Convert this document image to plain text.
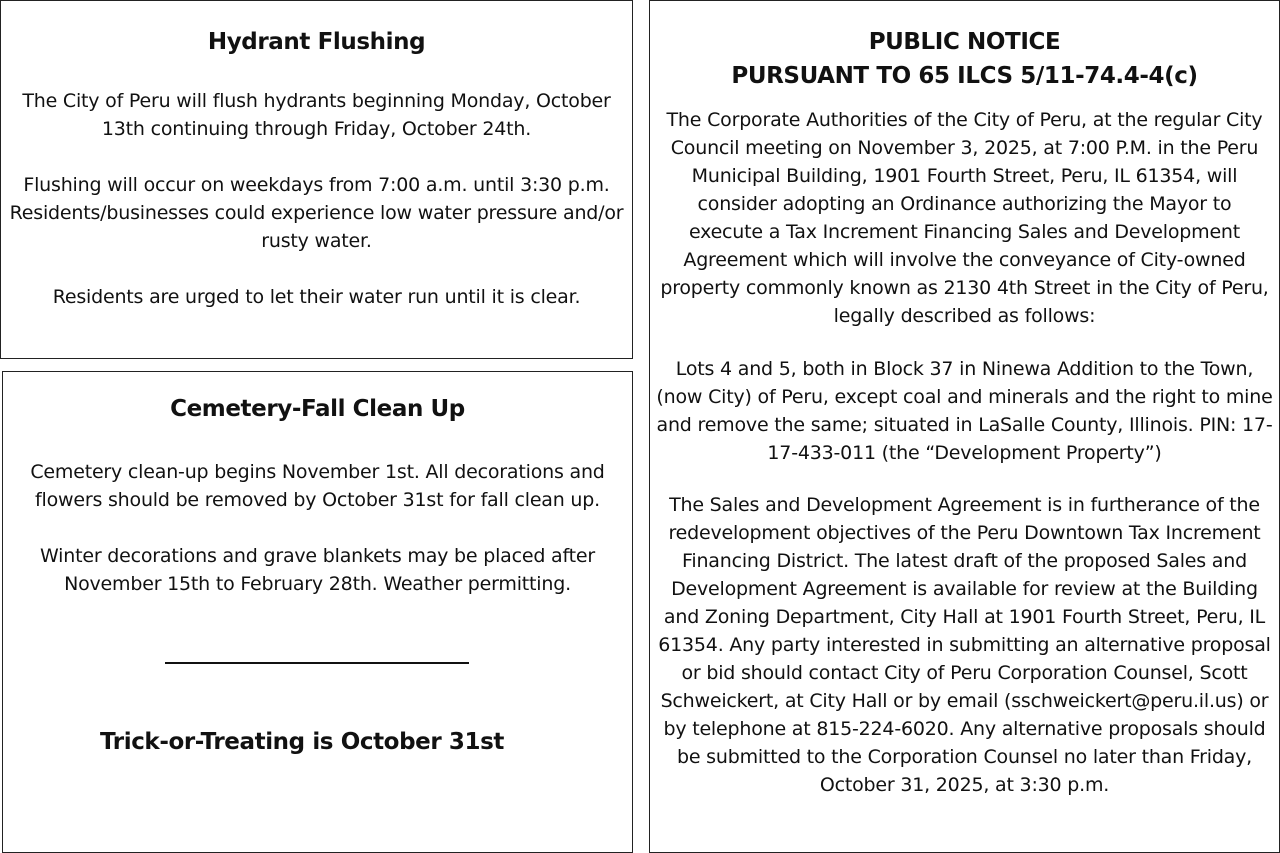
Hydrant Flushing

The City of Peru will flush hydrants beginning Monday, October 13th continuing through Friday, October 24th.

Flushing will occur on weekdays from 7:00 a.m. until 3:30 p.m. Residents/businesses could experience low water pressure and/or rusty water.

Residents are urged to let their water run until it is clear.

Cemetery-Fall Clean Up

Cemetery clean-up begins November 1st. All decorations and flowers should be removed by October 31st for fall clean up.

Winter decorations and grave blankets may be placed after November 15th to February 28th. Weather permitting.

Trick-or-Treating is October 31st
PUBLIC NOTICE
PURSUANT TO 65 ILCS 5/11-74.4-4(c)

The Corporate Authorities of the City of Peru, at the regular City Council meeting on November 3, 2025, at 7:00 P.M. in the Peru Municipal Building, 1901 Fourth Street, Peru, IL 61354, will consider adopting an Ordinance authorizing the Mayor to execute a Tax Increment Financing Sales and Development Agreement which will involve the conveyance of City-owned property commonly known as 2130 4th Street in the City of Peru, legally described as follows:

Lots 4 and 5, both in Block 37 in Ninewa Addition to the Town, (now City) of Peru, except coal and minerals and the right to mine and remove the same; situated in LaSalle County, Illinois. PIN: 17-17-433-011 (the “Development Property”)

The Sales and Development Agreement is in furtherance of the redevelopment objectives of the Peru Downtown Tax Increment Financing District. The latest draft of the proposed Sales and Development Agreement is available for review at the Building and Zoning Department, City Hall at 1901 Fourth Street, Peru, IL 61354. Any party interested in submitting an alternative proposal or bid should contact City of Peru Corporation Counsel, Scott Schweickert, at City Hall or by email (sschweickert@peru.il.us) or by telephone at 815-224-6020. Any alternative proposals should be submitted to the Corporation Counsel no later than Friday, October 31, 2025, at 3:30 p.m.
